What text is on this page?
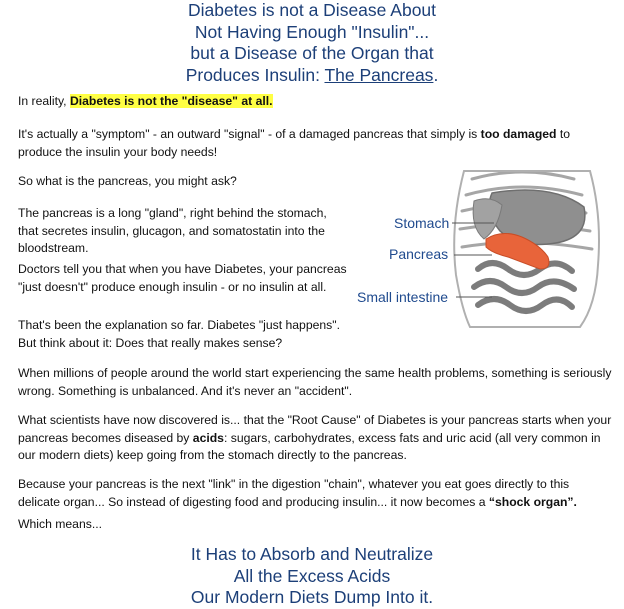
Diabetes is not a Disease About
Not Having Enough "Insulin"...
but a Disease of the Organ that
Produces Insulin: The Pancreas.

In reality, Diabetes is not the "disease" at all.

It's actually a "symptom" - an outward "signal" - of a damaged pancreas that simply is too damaged to produce the insulin your body needs!

So what is the pancreas, you might ask?

The pancreas is a long "gland", right behind the stomach, that secretes insulin, glucagon, and somatostatin into the bloodstream.

Doctors tell you that when you have Diabetes, your pancreas "just doesn't" produce enough insulin - or no insulin at all.

That's been the explanation so far. Diabetes "just happens". But think about it: Does that really makes sense?

When millions of people around the world start experiencing the same health problems, something is seriously wrong. Something is unbalanced. And it's never an "accident".

What scientists have now discovered is... that the "Root Cause" of Diabetes is your pancreas starts when your pancreas becomes diseased by acids: sugars, carbohydrates, excess fats and uric acid (all very common in our modern diets) keep going from the stomach directly to the pancreas.

Because your pancreas is the next "link" in the digestion "chain", whatever you eat goes directly to this delicate organ... So instead of digesting food and producing insulin... it now becomes a “shock organ”.

Which means...

Stomach
Pancreas
Small intestine
It Has to Absorb and Neutralize
All the Excess Acids
Our Modern Diets Dump Into it.
